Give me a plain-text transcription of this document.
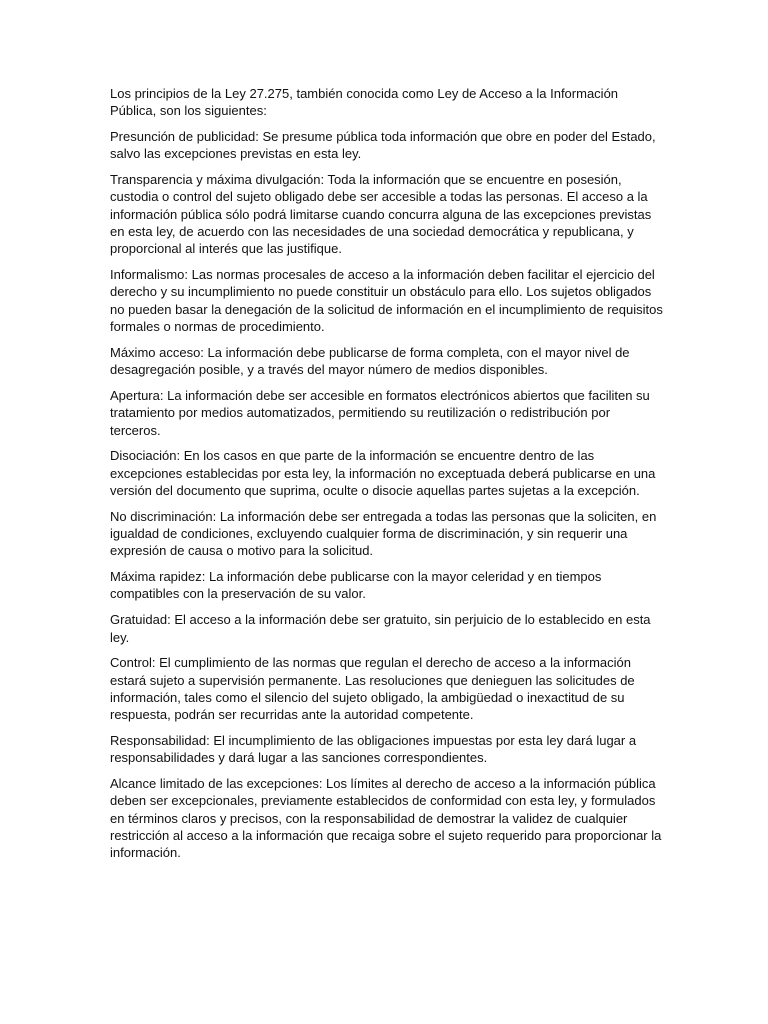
Los principios de la Ley 27.275, también conocida como Ley de Acceso a la Información Pública, son los siguientes:

Presunción de publicidad: Se presume pública toda información que obre en poder del Estado, salvo las excepciones previstas en esta ley.

Transparencia y máxima divulgación: Toda la información que se encuentre en posesión, custodia o control del sujeto obligado debe ser accesible a todas las personas. El acceso a la información pública sólo podrá limitarse cuando concurra alguna de las excepciones previstas en esta ley, de acuerdo con las necesidades de una sociedad democrática y republicana, y proporcional al interés que las justifique.

Informalismo: Las normas procesales de acceso a la información deben facilitar el ejercicio del derecho y su incumplimiento no puede constituir un obstáculo para ello. Los sujetos obligados no pueden basar la denegación de la solicitud de información en el incumplimiento de requisitos formales o normas de procedimiento.

Máximo acceso: La información debe publicarse de forma completa, con el mayor nivel de desagregación posible, y a través del mayor número de medios disponibles.

Apertura: La información debe ser accesible en formatos electrónicos abiertos que faciliten su tratamiento por medios automatizados, permitiendo su reutilización o redistribución por terceros.

Disociación: En los casos en que parte de la información se encuentre dentro de las excepciones establecidas por esta ley, la información no exceptuada deberá publicarse en una versión del documento que suprima, oculte o disocie aquellas partes sujetas a la excepción.

No discriminación: La información debe ser entregada a todas las personas que la soliciten, en igualdad de condiciones, excluyendo cualquier forma de discriminación, y sin requerir una expresión de causa o motivo para la solicitud.

Máxima rapidez: La información debe publicarse con la mayor celeridad y en tiempos compatibles con la preservación de su valor.

Gratuidad: El acceso a la información debe ser gratuito, sin perjuicio de lo establecido en esta ley.

Control: El cumplimiento de las normas que regulan el derecho de acceso a la información estará sujeto a supervisión permanente. Las resoluciones que denieguen las solicitudes de información, tales como el silencio del sujeto obligado, la ambigüedad o inexactitud de su respuesta, podrán ser recurridas ante la autoridad competente.

Responsabilidad: El incumplimiento de las obligaciones impuestas por esta ley dará lugar a responsabilidades y dará lugar a las sanciones correspondientes.

Alcance limitado de las excepciones: Los límites al derecho de acceso a la información pública deben ser excepcionales, previamente establecidos de conformidad con esta ley, y formulados en términos claros y precisos, con la responsabilidad de demostrar la validez de cualquier restricción al acceso a la información que recaiga sobre el sujeto requerido para proporcionar la información.
